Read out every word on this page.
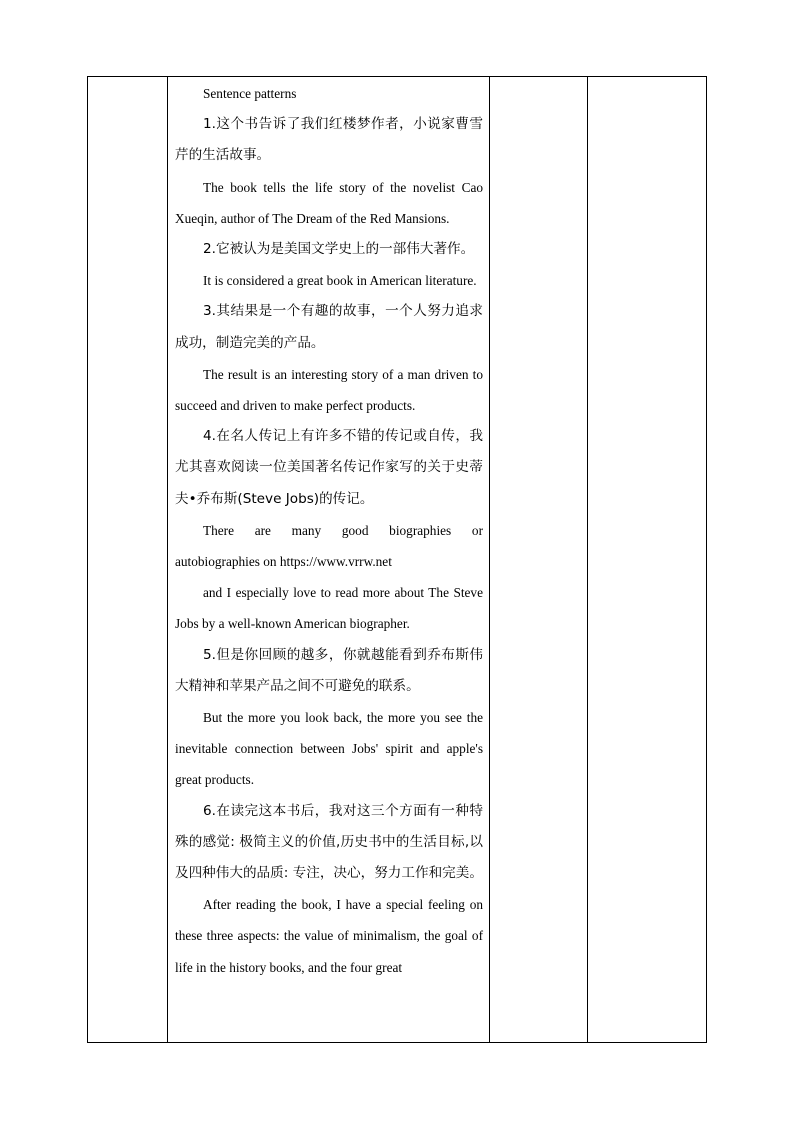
Sentence patterns

1.这个书告诉了我们红楼梦作者，小说家曹雪芹的生活故事。

The book tells the life story of the novelist Cao Xueqin, author of The Dream of the Red Mansions.

2.它被认为是美国文学史上的一部伟大著作。

It is considered a great book in American literature.

3.其结果是一个有趣的故事，一个人努力追求成功，制造完美的产品。

The result is an interesting story of a man driven to succeed and driven to make perfect products.

4.在名人传记上有许多不错的传记或自传，我尤其喜欢阅读一位美国著名传记作家写的关于史蒂夫•乔布斯(Steve Jobs)的传记。

There are many good biographies or autobiographies on https://www.vrrw.net

and I especially love to read more about The Steve Jobs by a well-known American biographer.

5.但是你回顾的越多，你就越能看到乔布斯伟大精神和苹果产品之间不可避免的联系。

But the more you look back, the more you see the inevitable connection between Jobs' spirit and apple's great products.

6.在读完这本书后，我对这三个方面有一种特殊的感觉: 极简主义的价值,历史书中的生活目标,以及四种伟大的品质: 专注，决心，努力工作和完美。

After reading the book, I have a special feeling on these three aspects: the value of minimalism, the goal of life in the history books, and the four great
